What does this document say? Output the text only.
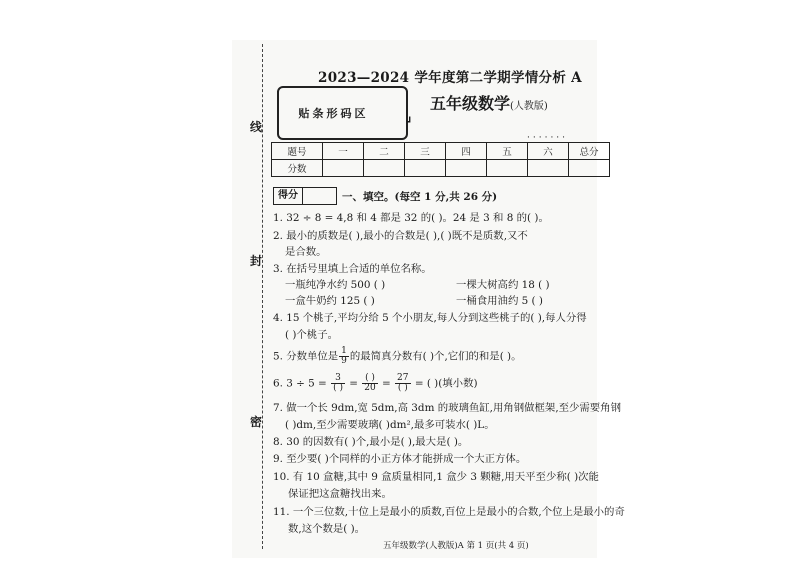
线
封
密
2023—2024 学年度第二学期学情分析 A
贴条形码区
┛
五年级数学(人教版)
·······
题号	一	二	三	四	五	六	总分
分数							
得分	一、填空。(每空 1 分,共 26 分)
1. 32 ÷ 8 = 4,8 和 4 都是 32 的( )。24 是 3 和 8 的( )。
2. 最小的质数是( ),最小的合数是( ),( )既不是质数,又不
是合数。
3. 在括号里填上合适的单位名称。
一瓶纯净水约 500 ( )	一棵大树高约 18 ( )
一盒牛奶约 125 ( )	一桶食用油约 5 ( )
4. 15 个桃子,平均分给 5 个小朋友,每人分到这些桃子的( ),每人分得
( )个桃子。
5. 分数单位是 $\frac{1}{9}$ 的最简真分数有( )个,它们的和是( )。
6. $3 \div 5 = \frac{3}{( )} = \frac{( )}{20} = \frac{27}{( )}$ = ( )(填小数)
7. 做一个长 9dm,宽 5dm,高 3dm 的玻璃鱼缸,用角钢做框架,至少需要角钢
( )dm,至少需要玻璃( )dm²,最多可装水( )L。
8. 30 的因数有( )个,最小是( ),最大是( )。
9. 至少要( )个同样的小正方体才能拼成一个大正方体。
10. 有 10 盒糖,其中 9 盒质量相同,1 盒少 3 颗糖,用天平至少称( )次能
保证把这盒糖找出来。
11. 一个三位数,十位上是最小的质数,百位上是最小的合数,个位上是最小的奇
数,这个数是( )。
五年级数学(人教版)A 第 1 页(共 4 页)
